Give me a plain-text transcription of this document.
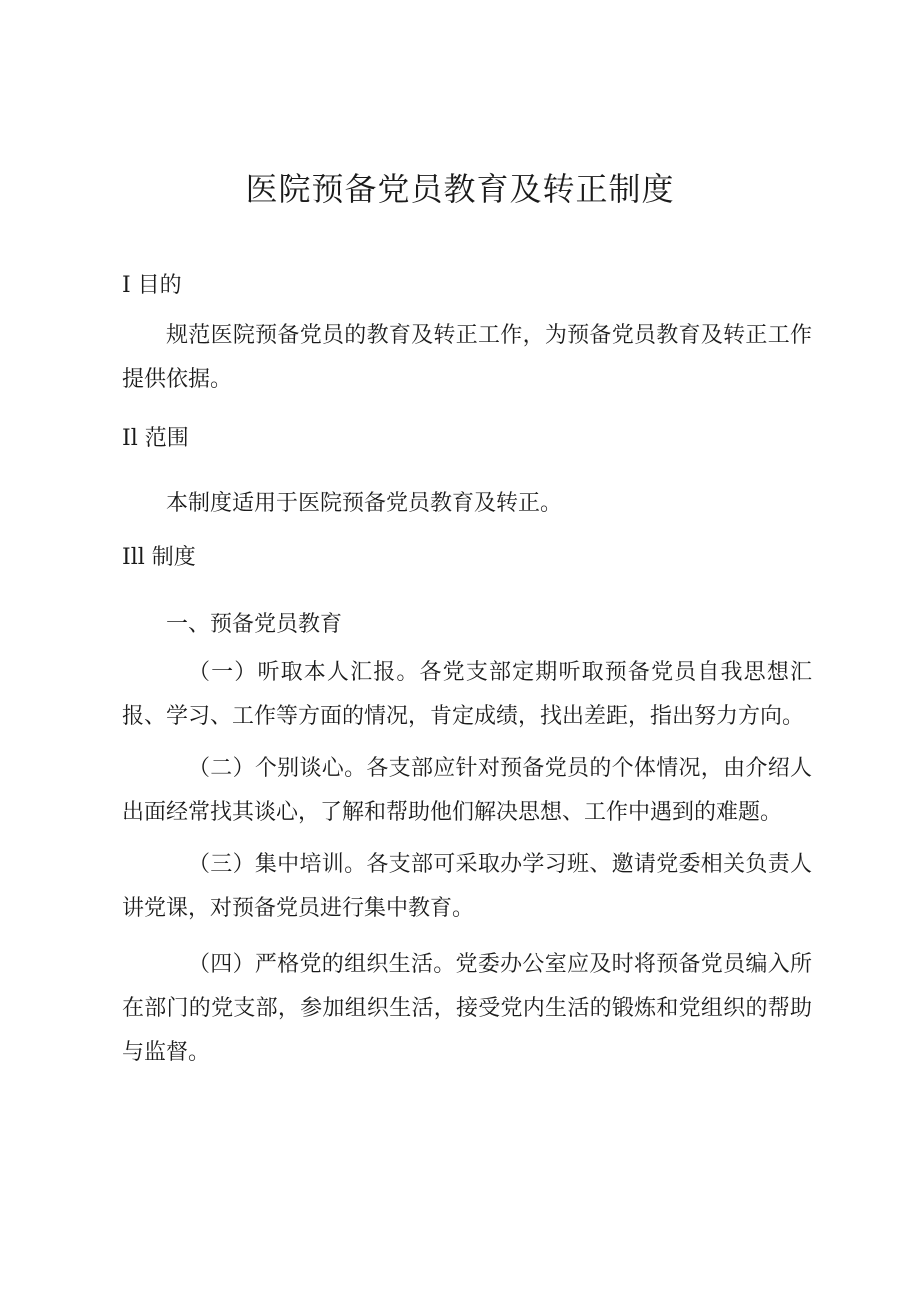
医院预备党员教育及转正制度
I 目的
规范医院预备党员的教育及转正工作，为预备党员教育及转正工作提供依据。
Il 范围
本制度适用于医院预备党员教育及转正。
Ill 制度
一、预备党员教育
（一）听取本人汇报。各党支部定期听取预备党员自我思想汇报、学习、工作等方面的情况，肯定成绩，找出差距，指出努力方向。
（二）个别谈心。各支部应针对预备党员的个体情况，由介绍人出面经常找其谈心，了解和帮助他们解决思想、工作中遇到的难题。
（三）集中培训。各支部可采取办学习班、邀请党委相关负责人讲党课，对预备党员进行集中教育。
（四）严格党的组织生活。党委办公室应及时将预备党员编入所在部门的党支部，参加组织生活，接受党内生活的锻炼和党组织的帮助与监督。
